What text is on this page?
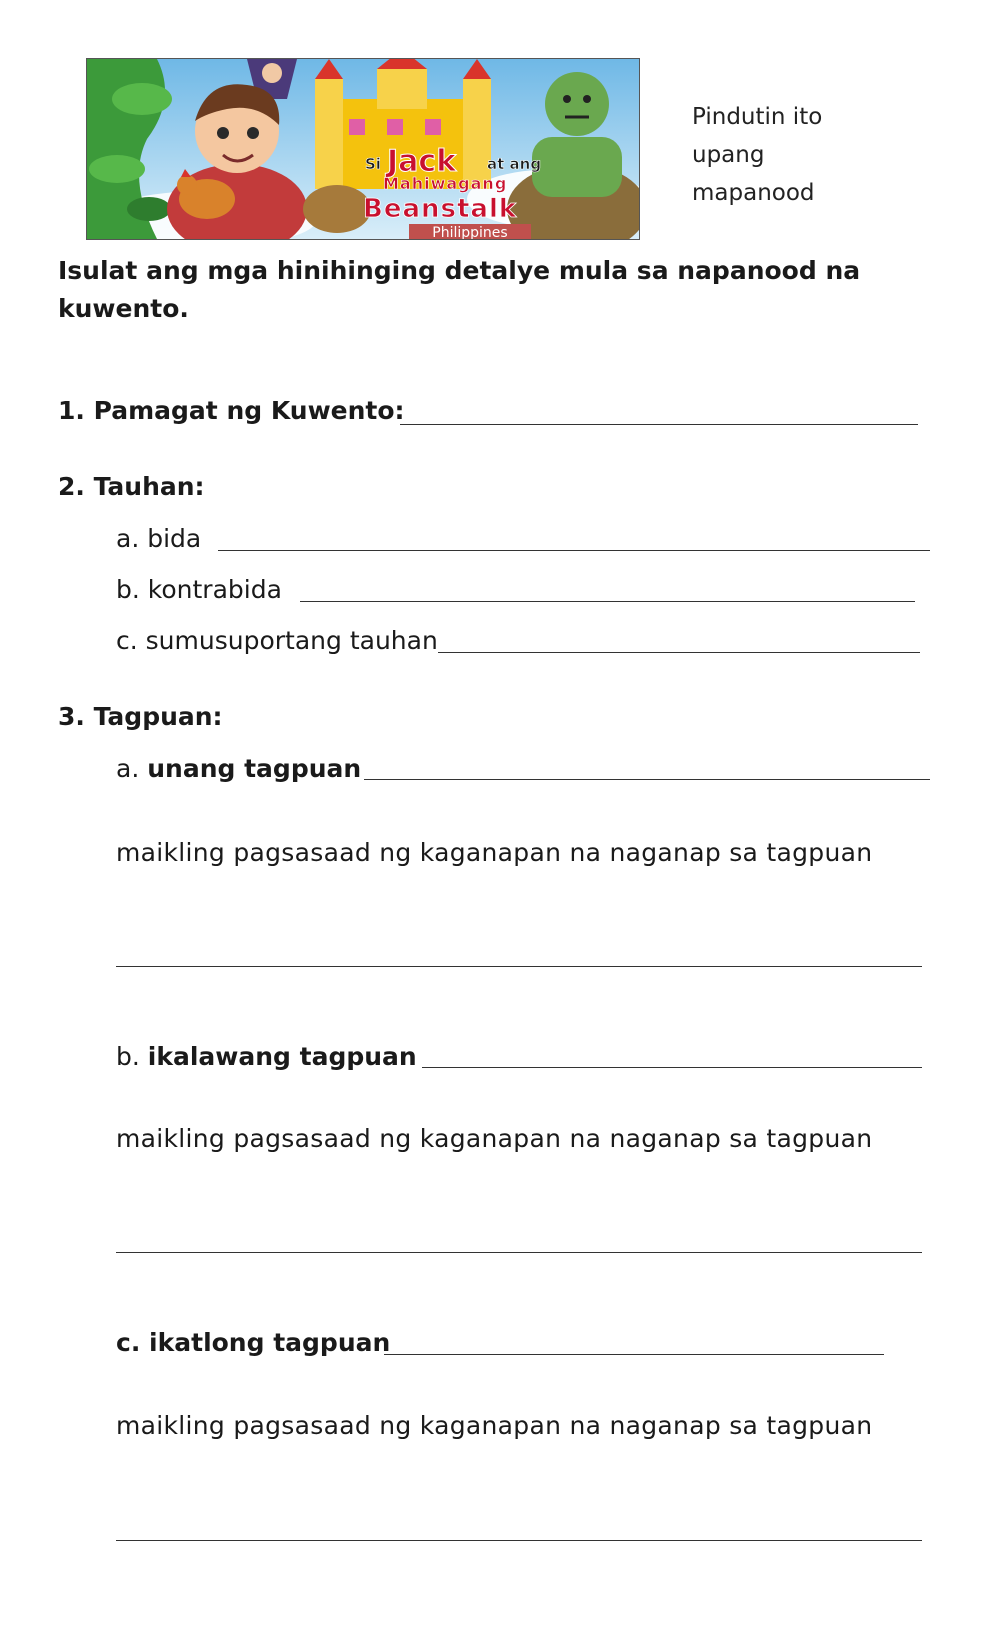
Si Jack at ang
Mahiwagang
Beanstalk
Philippines
Pindutin ito
upang
mapanood
Isulat ang mga hinihinging detalye mula sa napanood na kuwento.
1. Pamagat ng Kuwento:
2. Tauhan:
a. bida
b. kontrabida
c. sumusuportang tauhan
3. Tagpuan:
a. unang tagpuan
maikling pagsasaad ng kaganapan na naganap sa tagpuan
b. ikalawang tagpuan
maikling pagsasaad ng kaganapan na naganap sa tagpuan
c. ikatlong tagpuan
maikling pagsasaad ng kaganapan na naganap sa tagpuan
